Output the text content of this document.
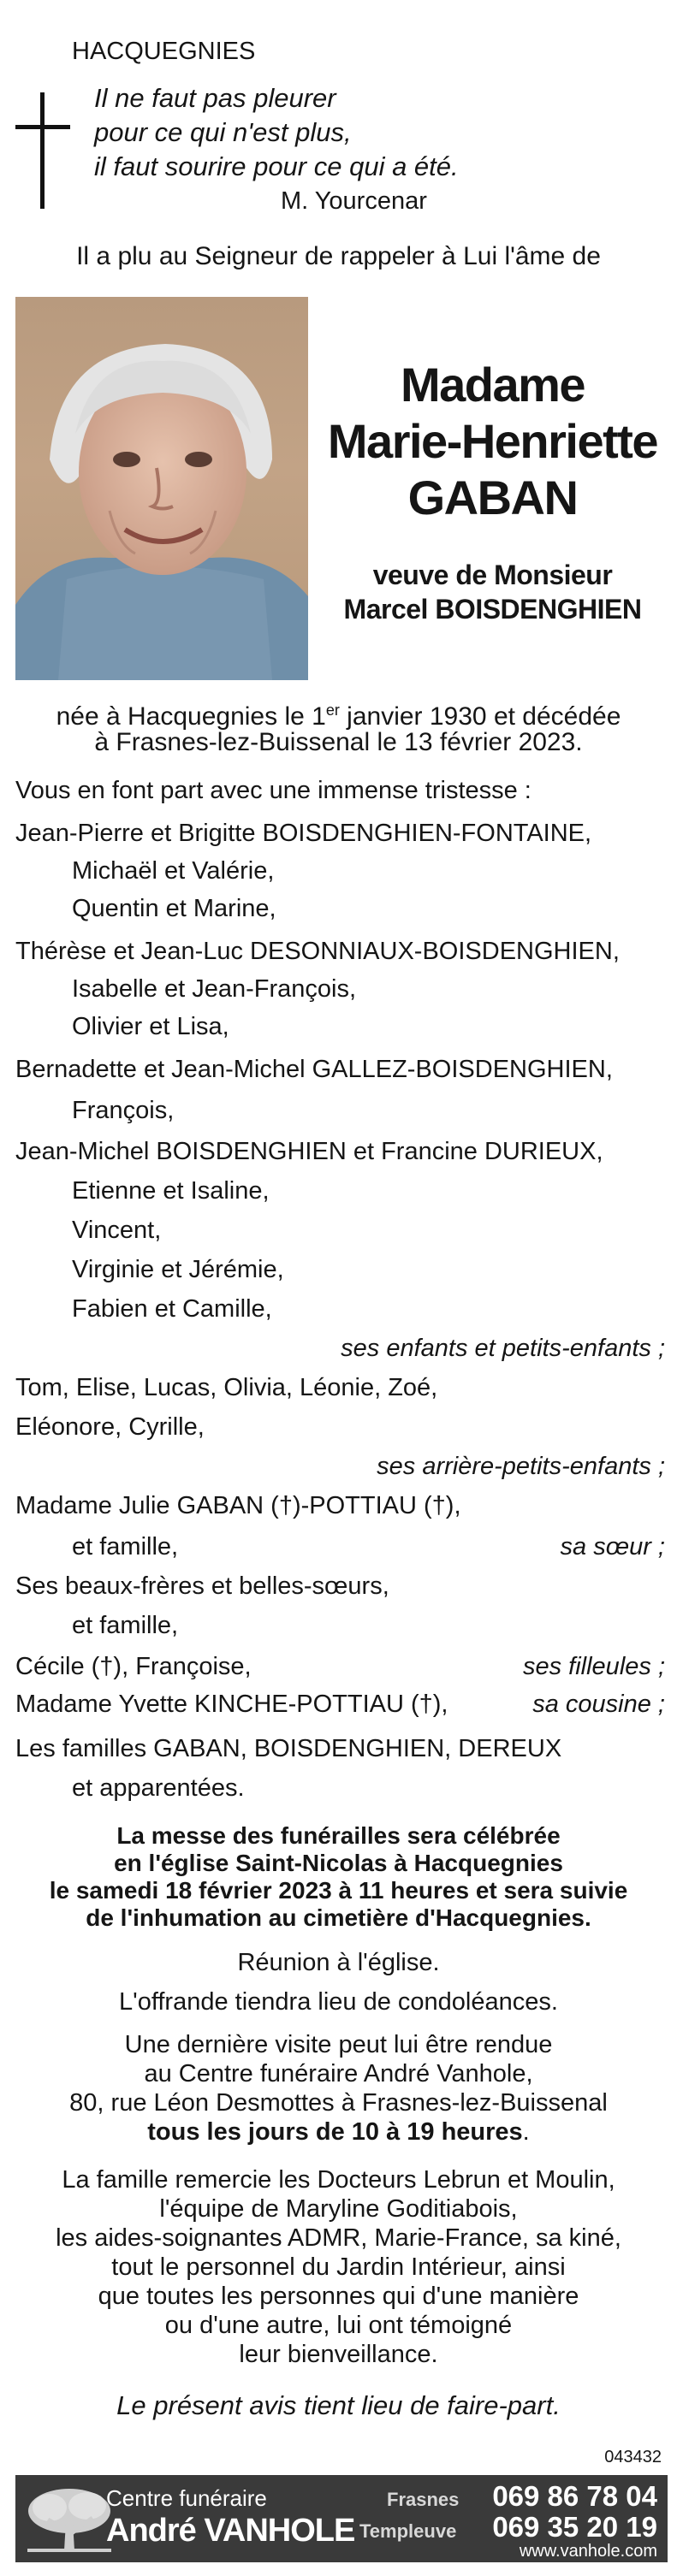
HACQUEGNIES
Il ne faut pas pleurer
pour ce qui n'est plus,
il faut sourire pour ce qui a été.
M. Yourcenar
Il a plu au Seigneur de rappeler à Lui l'âme de
Madame
Marie-Henriette
GABAN
veuve de Monsieur
Marcel BOISDENGHIEN
née à Hacquegnies le 1er janvier 1930 et décédée
à Frasnes-lez-Buissenal le 13 février 2023.
Vous en font part avec une immense tristesse :
Jean-Pierre et Brigitte BOISDENGHIEN-FONTAINE,
Michaël et Valérie,
Quentin et Marine,
Thérèse et Jean-Luc DESONNIAUX-BOISDENGHIEN,
Isabelle et Jean-François,
Olivier et Lisa,
Bernadette et Jean-Michel GALLEZ-BOISDENGHIEN,
François,
Jean-Michel BOISDENGHIEN et Francine DURIEUX,
Etienne et Isaline,
Vincent,
Virginie et Jérémie,
Fabien et Camille,
ses enfants et petits-enfants ;
Tom, Elise, Lucas, Olivia, Léonie, Zoé,
Eléonore, Cyrille,
ses arrière-petits-enfants ;
Madame Julie GABAN (†)-POTTIAU (†),
et famille,	sa sœur ;
Ses beaux-frères et belles-sœurs,
et famille,
Cécile (†), Françoise,	ses filleules ;
Madame Yvette KINCHE-POTTIAU (†),	sa cousine ;
Les familles GABAN, BOISDENGHIEN, DEREUX
et apparentées.
La messe des funérailles sera célébrée
en l'église Saint-Nicolas à Hacquegnies
le samedi 18 février 2023 à 11 heures et sera suivie
de l'inhumation au cimetière d'Hacquegnies.
Réunion à l'église.
L'offrande tiendra lieu de condoléances.
Une dernière visite peut lui être rendue
au Centre funéraire André Vanhole,
80, rue Léon Desmottes à Frasnes-lez-Buissenal
tous les jours de 10 à 19 heures.
La famille remercie les Docteurs Lebrun et Moulin,
l'équipe de Maryline Goditiabois,
les aides-soignantes ADMR, Marie-France, sa kiné,
tout le personnel du Jardin Intérieur, ainsi
que toutes les personnes qui d'une manière
ou d'une autre, lui ont témoigné
leur bienveillance.
Le présent avis tient lieu de faire-part.
043432
Centre funéraire
André VANHOLE
Frasnes 069 86 78 04
Templeuve 069 35 20 19
www.vanhole.com
